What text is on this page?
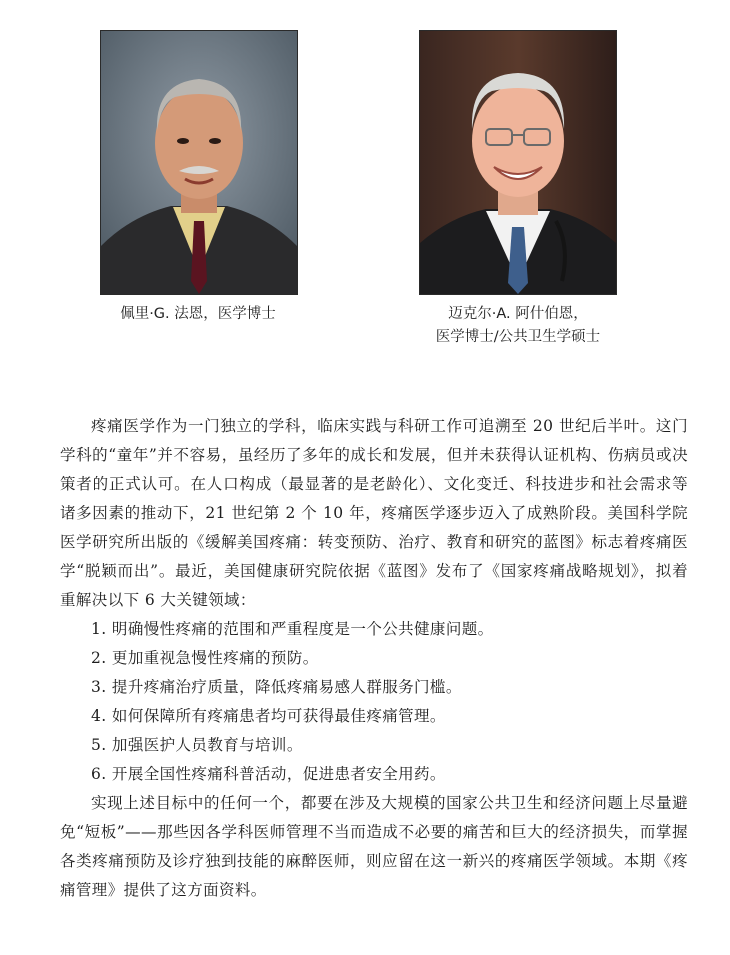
佩里·G. 法恩，医学博士	迈克尔·A. 阿什伯恩，
医学博士/公共卫生学硕士

疼痛医学作为一门独立的学科，临床实践与科研工作可追溯至 20 世纪后半叶。这门学科的“童年”并不容易，虽经历了多年的成长和发展，但并未获得认证机构、伤病员或决策者的正式认可。在人口构成（最显著的是老龄化）、文化变迁、科技进步和社会需求等诸多因素的推动下，21 世纪第 2 个 10 年，疼痛医学逐步迈入了成熟阶段。美国科学院医学研究所出版的《缓解美国疼痛：转变预防、治疗、教育和研究的蓝图》标志着疼痛医学“脱颖而出”。最近，美国健康研究院依据《蓝图》发布了《国家疼痛战略规划》，拟着重解决以下 6 大关键领域：

1. 明确慢性疼痛的范围和严重程度是一个公共健康问题。
2. 更加重视急慢性疼痛的预防。
3. 提升疼痛治疗质量，降低疼痛易感人群服务门槛。
4. 如何保障所有疼痛患者均可获得最佳疼痛管理。
5. 加强医护人员教育与培训。
6. 开展全国性疼痛科普活动，促进患者安全用药。

实现上述目标中的任何一个，都要在涉及大规模的国家公共卫生和经济问题上尽量避免“短板”——那些因各学科医师管理不当而造成不必要的痛苦和巨大的经济损失，而掌握各类疼痛预防及诊疗独到技能的麻醉医师，则应留在这一新兴的疼痛医学领域。本期《疼痛管理》提供了这方面资料。
